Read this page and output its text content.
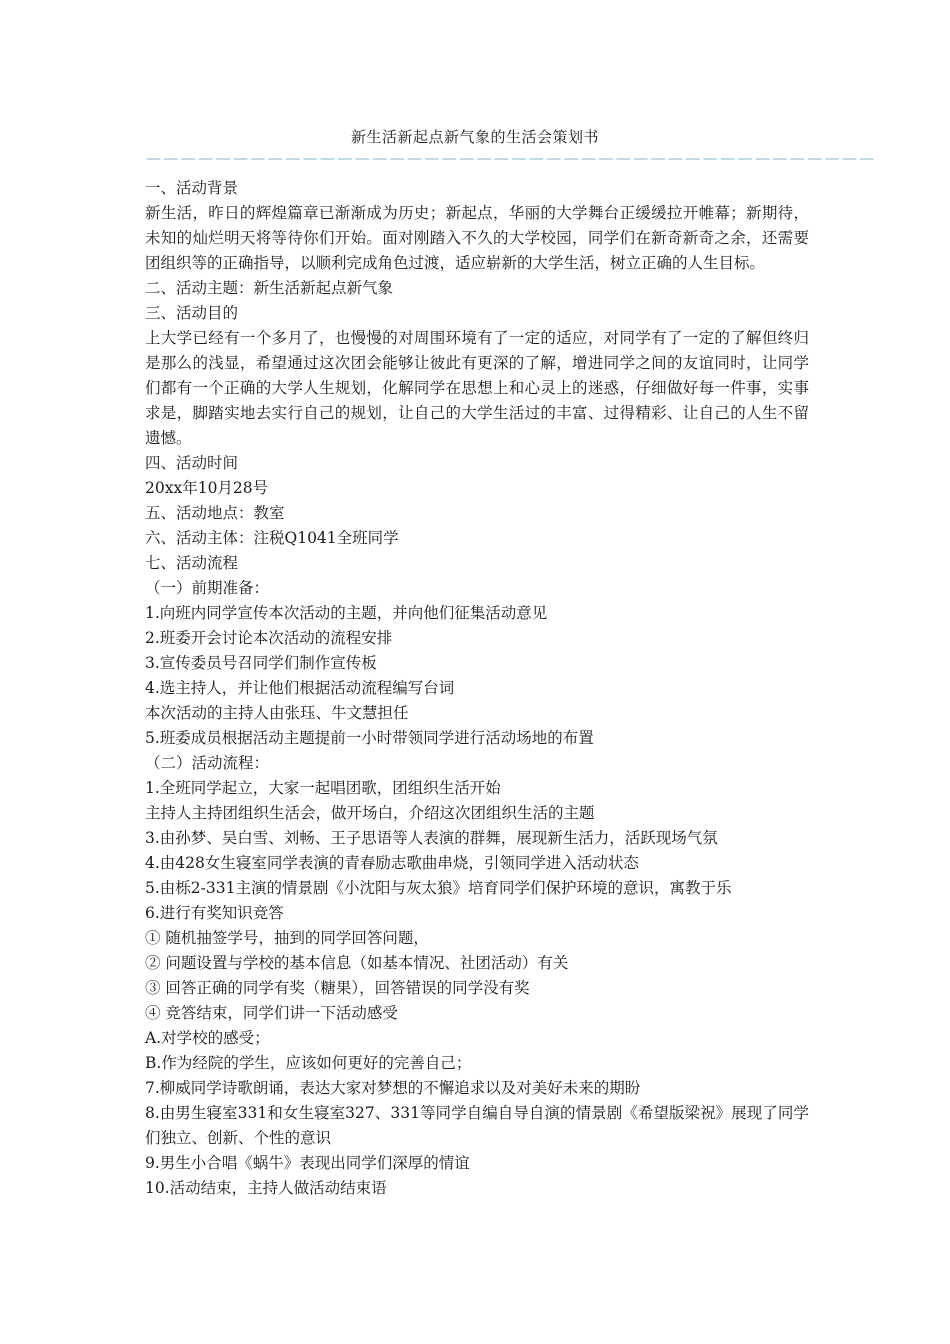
新生活新起点新气象的生活会策划书
——————————————————————————————————————————

一、活动背景

新生活，昨日的辉煌篇章已渐渐成为历史；新起点，华丽的大学舞台正缓缓拉开帷幕；新期待，未知的灿烂明天将等待你们开始。面对刚踏入不久的大学校园，同学们在新奇新奇之余，还需要团组织等的正确指导，以顺利完成角色过渡，适应崭新的大学生活，树立正确的人生目标。

二、活动主题：新生活新起点新气象

三、活动目的

上大学已经有一个多月了，也慢慢的对周围环境有了一定的适应，对同学有了一定的了解但终归是那么的浅显，希望通过这次团会能够让彼此有更深的了解，增进同学之间的友谊同时，让同学们都有一个正确的大学人生规划，化解同学在思想上和心灵上的迷惑，仔细做好每一件事，实事求是，脚踏实地去实行自己的规划，让自己的大学生活过的丰富、过得精彩、让自己的人生不留遗憾。

四、活动时间

20xx年10月28号

五、活动地点：教室

六、活动主体：注税Q1041全班同学

七、活动流程

（一）前期准备：

1.向班内同学宣传本次活动的主题，并向他们征集活动意见

2.班委开会讨论本次活动的流程安排

3.宣传委员号召同学们制作宣传板

4.选主持人，并让他们根据活动流程编写台词

本次活动的主持人由张珏、牛文慧担任

5.班委成员根据活动主题提前一小时带领同学进行活动场地的布置

（二）活动流程：

1.全班同学起立，大家一起唱团歌，团组织生活开始

主持人主持团组织生活会，做开场白，介绍这次团组织生活的主题

3.由孙梦、吴白雪、刘畅、王子思语等人表演的群舞，展现新生活力，活跃现场气氛

4.由428女生寝室同学表演的青春励志歌曲串烧，引领同学进入活动状态

5.由栎2-331主演的情景剧《小沈阳与灰太狼》培育同学们保护环境的意识，寓教于乐

6.进行有奖知识竞答

① 随机抽签学号，抽到的同学回答问题，

② 问题设置与学校的基本信息（如基本情况、社团活动）有关

③ 回答正确的同学有奖（糖果），回答错误的同学没有奖

④ 竞答结束，同学们讲一下活动感受

A.对学校的感受；

B.作为经院的学生，应该如何更好的完善自己；

7.柳威同学诗歌朗诵，表达大家对梦想的不懈追求以及对美好未来的期盼

8.由男生寝室331和女生寝室327、331等同学自编自导自演的情景剧《希望版梁祝》展现了同学们独立、创新、个性的意识

9.男生小合唱《蜗牛》表现出同学们深厚的情谊

10.活动结束，主持人做活动结束语
